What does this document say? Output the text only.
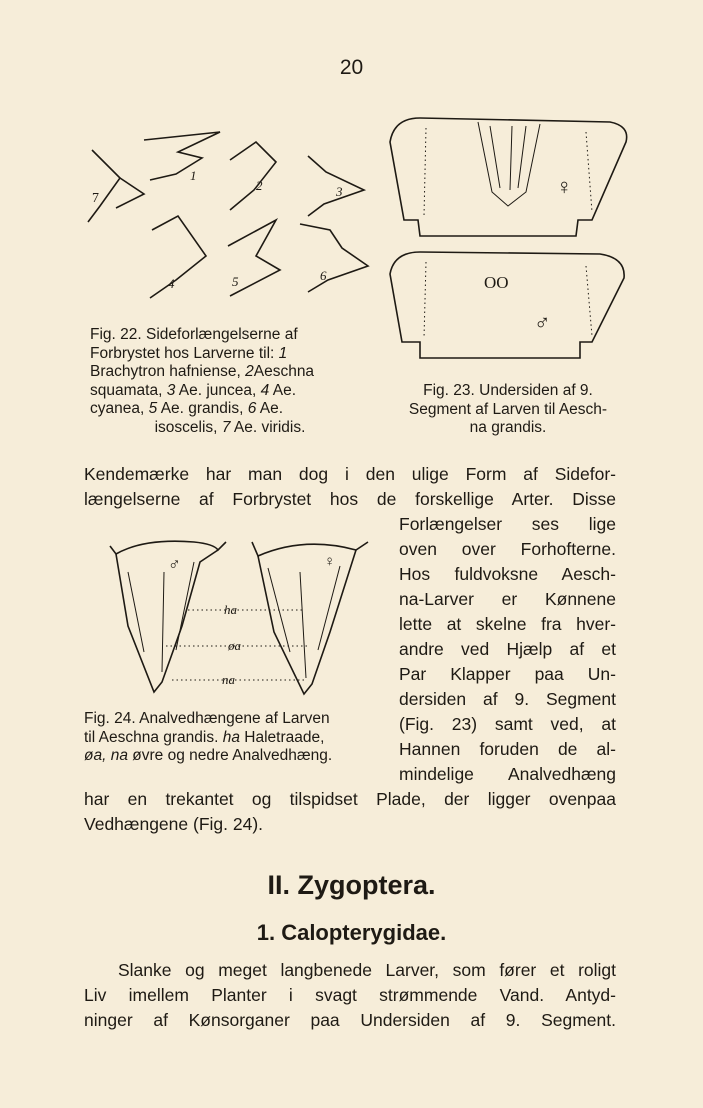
20
7
1
2	3
4	5	6
Fig. 22. Sideforlængelserne af
Forbrystet hos Larverne til: 1
Brachytron hafniense, 2Aeschna
squamata, 3 Ae. juncea, 4 Ae.
cyanea, 5 Ae. grandis, 6 Ae.
isoscelis, 7 Ae. viridis.
♀
OO
♂
Fig. 23. Undersiden af 9.
Segment af Larven til Aesch-
na grandis.
Kendemærke har man dog i den ulige Form af Sidefor-
længelserne af Forbrystet hos de forskellige Arter. Disse
♂	♀
ha
øa
na
Fig. 24. Analvedhængene af Larven
til Aeschna grandis. ha Haletraade,
øa, na øvre og nedre Analvedhæng.
Forlængelser ses lige
oven over Forhofterne.
Hos fuldvoksne Aesch-
na-Larver er Kønnene
lette at skelne fra hver-
andre ved Hjælp af et
Par Klapper paa Un-
dersiden af 9. Segment
(Fig. 23) samt ved, at
Hannen foruden de al-
mindelige Analvedhæng
har en trekantet og tilspidset Plade, der ligger ovenpaa
Vedhængene (Fig. 24).
II. Zygoptera.
1. Calopterygidae.
Slanke og meget langbenede Larver, som fører et roligt
Liv imellem Planter i svagt strømmende Vand. Antyd-
ninger af Kønsorganer paa Undersiden af 9. Segment.
